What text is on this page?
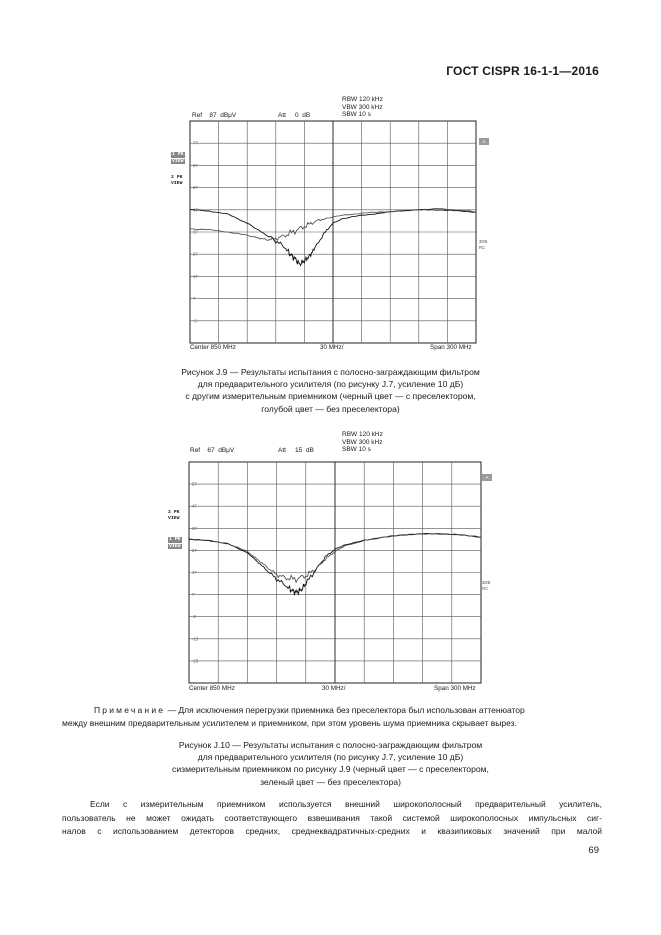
ГОСТ CISPR 16-1-1—2016
RBW 120 kHz
VBW 300 kHz
SBW 10 s
Ref 87 dBμV	Att 0 dB
1 PK
VIEW
2 PK
VIEW
A
3DB
RC
77
67
57
47
37
27
17
7
-3
Center 850 MHz	30 MHz/	Span 300 MHz
Рисунок J.9 — Результаты испытания с полосно-заграждающим фильтром
для предварительного усилителя (по рисунку J.7, усиление 10 дБ)
с другим измерительным приемником (черный цвет — с преселектором,
голубой цвет — без преселектора)
RBW 120 kHz
VBW 300 kHz
SBW 10 s
Ref 67 dBμV	Att 15 dB
2 PK
VIEW
1 PK
VIEW
A
3DB
RC
57
47
37
27
17
7
-3
-13
-23
Center 850 MHz	30 MHz/	Span 300 MHz
Примечание — Для исключения перегрузки приемника без преселектора был использован аттенюатор
между внешним предварительным усилителем и приемником, при этом уровень шума приемника скрывает вырез.
Рисунок J.10 — Результаты испытания с полосно-заграждающим фильтром
для предварительного усилителя (по рисунку J.7, усиление 10 дБ)
сизмерительным приемником по рисунку J.9 (черный цвет — с преселектором,
зеленый цвет — без преселектора)
Если с измерительным приемником используется внешний широкополосный предварительный усилитель,
пользователь не может ожидать соответствующего взвешивания такой системой широкополосных импульсных сиг-
налов с использованием детекторов средних, среднеквадратичных-средних и квазипиковых значений при малой
69
